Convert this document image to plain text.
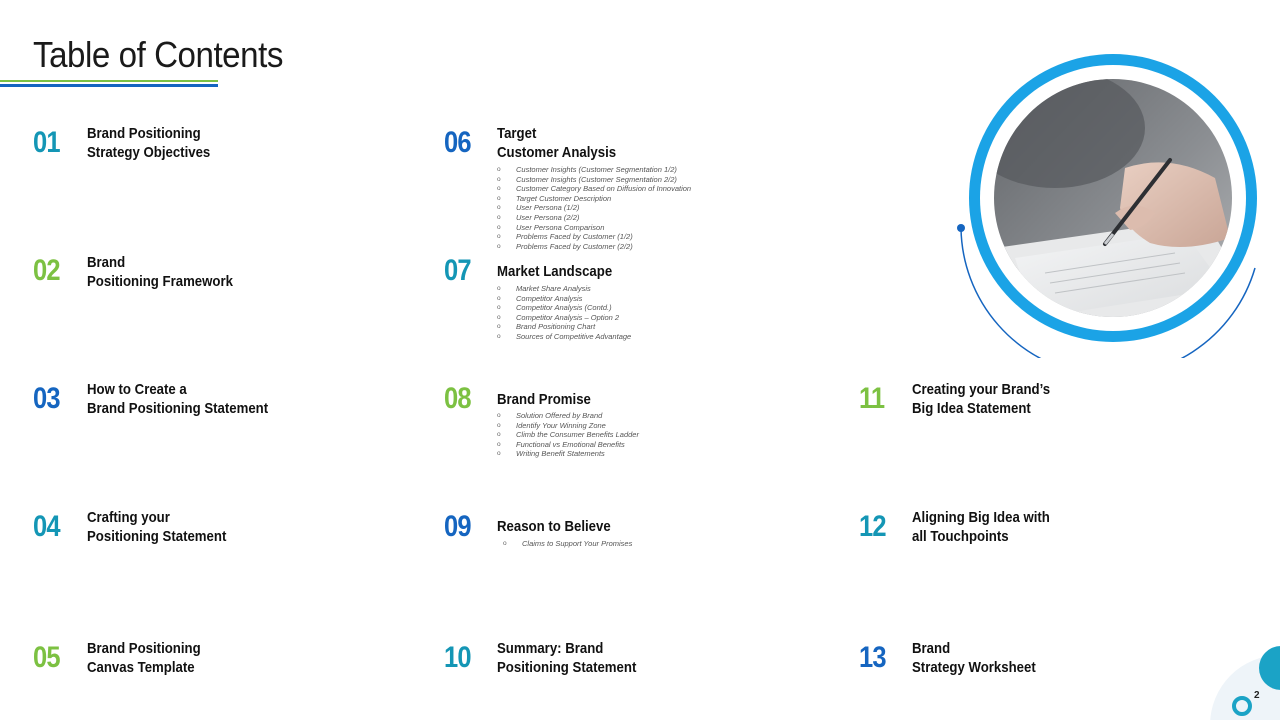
Table of Contents
01 Brand Positioning
Strategy Objectives
02 Brand
Positioning Framework
03 How to Create a
Brand Positioning Statement
04 Crafting your
Positioning Statement
05 Brand Positioning
Canvas Template
06 Target
Customer Analysis
o Customer Insights (Customer Segmentation 1/2)
o Customer Insights (Customer Segmentation 2/2)
o Customer Category Based on Diffusion of Innovation
o Target Customer Description
o User Persona (1/2)
o User Persona (2/2)
o User Persona Comparison
o Problems Faced by Customer (1/2)
o Problems Faced by Customer (2/2)
07 Market Landscape
o Market Share Analysis
o Competitor Analysis
o Competitor Analysis (Contd.)
o Competitor Analysis – Option 2
o Brand Positioning Chart
o Sources of Competitive Advantage
08 Brand Promise
o Solution Offered by Brand
o Identify Your Winning Zone
o Climb the Consumer Benefits Ladder
o Functional vs Emotional Benefits
o Writing Benefit Statements
09 Reason to Believe
o Claims to Support Your Promises
10 Summary: Brand
Positioning Statement
11 Creating your Brand’s
Big Idea Statement
12 Aligning Big Idea with
all Touchpoints
13 Brand
Strategy Worksheet
2
